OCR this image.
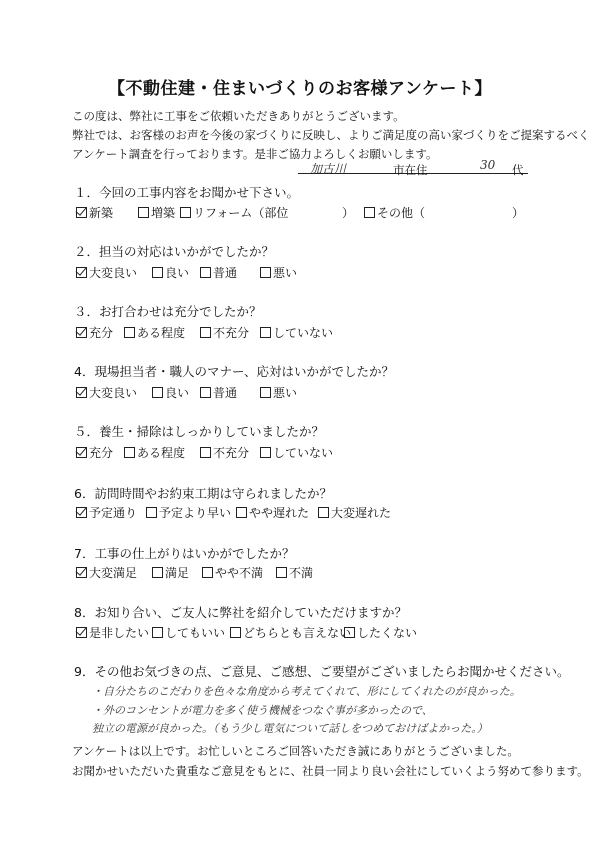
【不動住建・住まいづくりのお客様アンケート】
この度は、弊社に工事をご依頼いただきありがとうございます。
弊社では、お客様のお声を今後の家づくりに反映し、よりご満足度の高い家づくりをご提案するべく
アンケート調査を行っております。是非ご協力よろしくお願いします。
加古川	市在住	30 代
１．今回の工事内容をお聞かせ下さい。
新築	増築	リフォーム（部位	）	その他（	）
２．担当の対応はいかがでしたか？
大変良い	良い	普通	悪い
３．お打合わせは充分でしたか？
充分	ある程度	不充分	していない
4．現場担当者・職人のマナー、応対はいかがでしたか？
大変良い	良い	普通	悪い
５．養生・掃除はしっかりしていましたか？
充分	ある程度	不充分	していない
6．訪問時間やお約束工期は守られましたか？
予定通り	予定より早い	やや遅れた	大変遅れた
7．工事の仕上がりはいかがでしたか？
大変満足	満足	やや不満	不満
8．お知り合い、ご友人に弊社を紹介していただけますか？
是非したい	してもいい	どちらとも言えない したくない
9．その他お気づきの点、ご意見、ご感想、ご要望がございましたらお聞かせください。
・自分たちのこだわりを色々な角度から考えてくれて、形にしてくれたのが良かった。
・外のコンセントが電力を多く使う機械をつなぐ事が多かったので、
独立の電源が良かった。（もう少し電気について話しをつめておけばよかった。）
アンケートは以上です。お忙しいところご回答いただき誠にありがとうございました。
お聞かせいただいた貴重なご意見をもとに、社員一同より良い会社にしていくよう努めて参ります。
